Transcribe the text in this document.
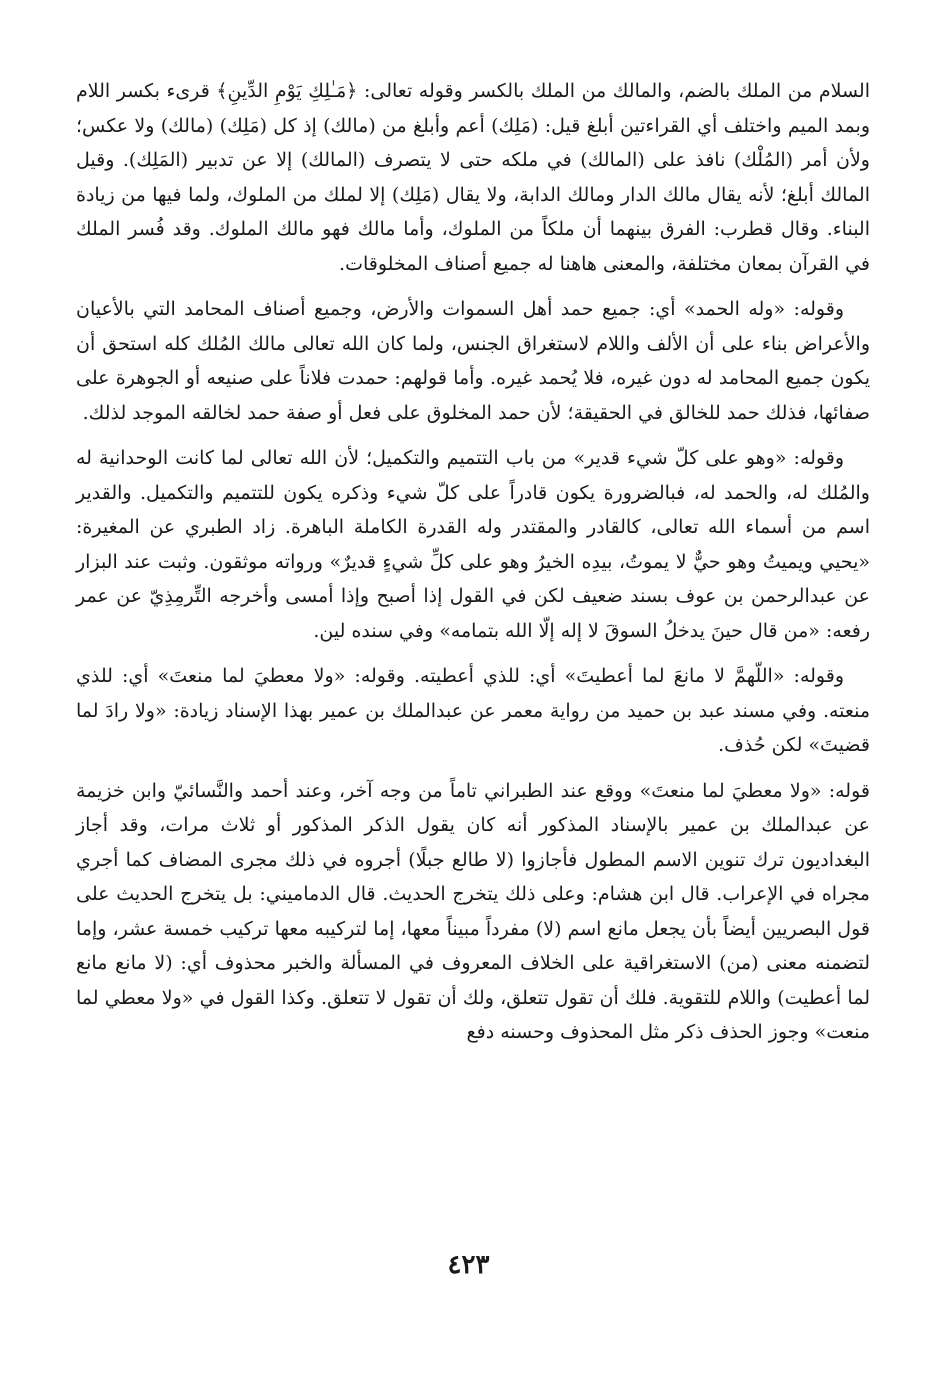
السلام من الملك بالضم، والمالك من الملك بالكسر وقوله تعالى: ﴿مَـٰلِكِ يَوْمِ الدِّينِ﴾ قرىء بكسر اللام وبمد الميم واختلف أي القراءتين أبلغ قيل: (مَلِك) أعم وأبلغ من (مالك) إذ كل (مَلِك) (مالك) ولا عكس؛ ولأن أمر (المُلْك) نافذ على (المالك) في ملكه حتى لا يتصرف (المالك) إلا عن تدبير (المَلِك). وقيل المالك أبلغ؛ لأنه يقال مالك الدار ومالك الدابة، ولا يقال (مَلِك) إلا لملك من الملوك، ولما فيها من زيادة البناء. وقال قطرب: الفرق بينهما أن ملكاً من الملوك، وأما مالك فهو مالك الملوك. وقد فُسر الملك في القرآن بمعان مختلفة، والمعنى هاهنا له جميع أصناف المخلوقات.

وقوله: «وله الحمد» أي: جميع حمد أهل السموات والأرض، وجميع أصناف المحامد التي بالأعيان والأعراض بناء على أن الألف واللام لاستغراق الجنس، ولما كان الله تعالى مالك المُلك كله استحق أن يكون جميع المحامد له دون غيره، فلا يُحمد غيره. وأما قولهم: حمدت فلاناً على صنيعه أو الجوهرة على صفائها، فذلك حمد للخالق في الحقيقة؛ لأن حمد المخلوق على فعل أو صفة حمد لخالقه الموجد لذلك.

وقوله: «وهو على كلّ شيء قدير» من باب التتميم والتكميل؛ لأن الله تعالى لما كانت الوحدانية له والمُلك له، والحمد له، فبالضرورة يكون قادراً على كلّ شيء وذكره يكون للتتميم والتكميل. والقدير اسم من أسماء الله تعالى، كالقادر والمقتدر وله القدرة الكاملة الباهرة. زاد الطبري عن المغيرة: «يحيي ويميتُ وهو حيٌّ لا يموتُ، بيدِه الخيرُ وهو على كلِّ شيءٍ قديرٌ» ورواته موثقون. وثبت عند البزار عن عبدالرحمن بن عوف بسند ضعيف لكن في القول إذا أصبح وإذا أمسى وأخرجه التِّرمِذِيّ عن عمر رفعه: «من قال حينَ يدخلُ السوقَ لا إله إلّا الله بتمامه» وفي سنده لين.

وقوله: «اللّهمَّ لا مانعَ لما أعطيتَ» أي: للذي أعطيته. وقوله: «ولا معطيَ لما منعتَ» أي: للذي منعته. وفي مسند عبد بن حميد من رواية معمر عن عبدالملك بن عمير بهذا الإسناد زيادة: «ولا رادَ لما قضيتَ» لكن حُذف.

قوله: «ولا معطيَ لما منعتَ» ووقع عند الطبراني تاماً من وجه آخر، وعند أحمد والنَّسائيّ وابن خزيمة عن عبدالملك بن عمير بالإسناد المذكور أنه كان يقول الذكر المذكور أو ثلاث مرات، وقد أجاز البغداديون ترك تنوين الاسم المطول فأجازوا (لا طالع جبلًا) أجروه في ذلك مجرى المضاف كما أجري مجراه في الإعراب. قال ابن هشام: وعلى ذلك يتخرج الحديث. قال الدماميني: بل يتخرج الحديث على قول البصريين أيضاً بأن يجعل مانع اسم (لا) مفرداً مبيناً معها، إما لتركيبه معها تركيب خمسة عشر، وإما لتضمنه معنى (من) الاستغراقية على الخلاف المعروف في المسألة والخبر محذوف أي: (لا مانع مانع لما أعطيت) واللام للتقوية. فلك أن تقول تتعلق، ولك أن تقول لا تتعلق. وكذا القول في «ولا معطي لما منعت» وجوز الحذف ذكر مثل المحذوف وحسنه دفع

٤٢٣
